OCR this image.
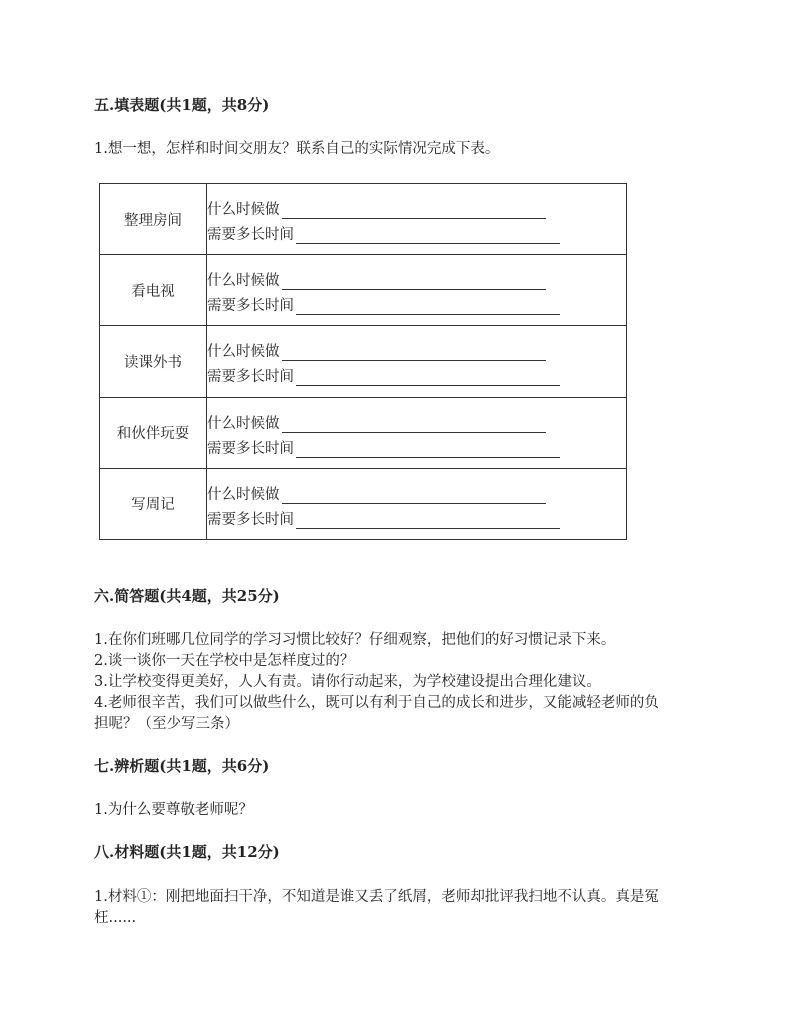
五.填表题(共1题，共8分)
1.想一想，怎样和时间交朋友？联系自己的实际情况完成下表。
整理房间	什么时候做
需要多长时间

看电视	什么时候做
需要多长时间

读课外书	什么时候做
需要多长时间

和伙伴玩耍	什么时候做
需要多长时间

写周记	什么时候做
需要多长时间
六.简答题(共4题，共25分)
1.在你们班哪几位同学的学习习惯比较好？仔细观察，把他们的好习惯记录下来。
2.谈一谈你一天在学校中是怎样度过的？
3.让学校变得更美好，人人有责。请你行动起来，为学校建设提出合理化建议。
4.老师很辛苦，我们可以做些什么，既可以有利于自己的成长和进步，又能减轻老师的负
担呢？（至少写三条）
七.辨析题(共1题，共6分)
1.为什么要尊敬老师呢？
八.材料题(共1题，共12分)
1.材料①：刚把地面扫干净，不知道是谁又丢了纸屑，老师却批评我扫地不认真。真是冤
枉......
